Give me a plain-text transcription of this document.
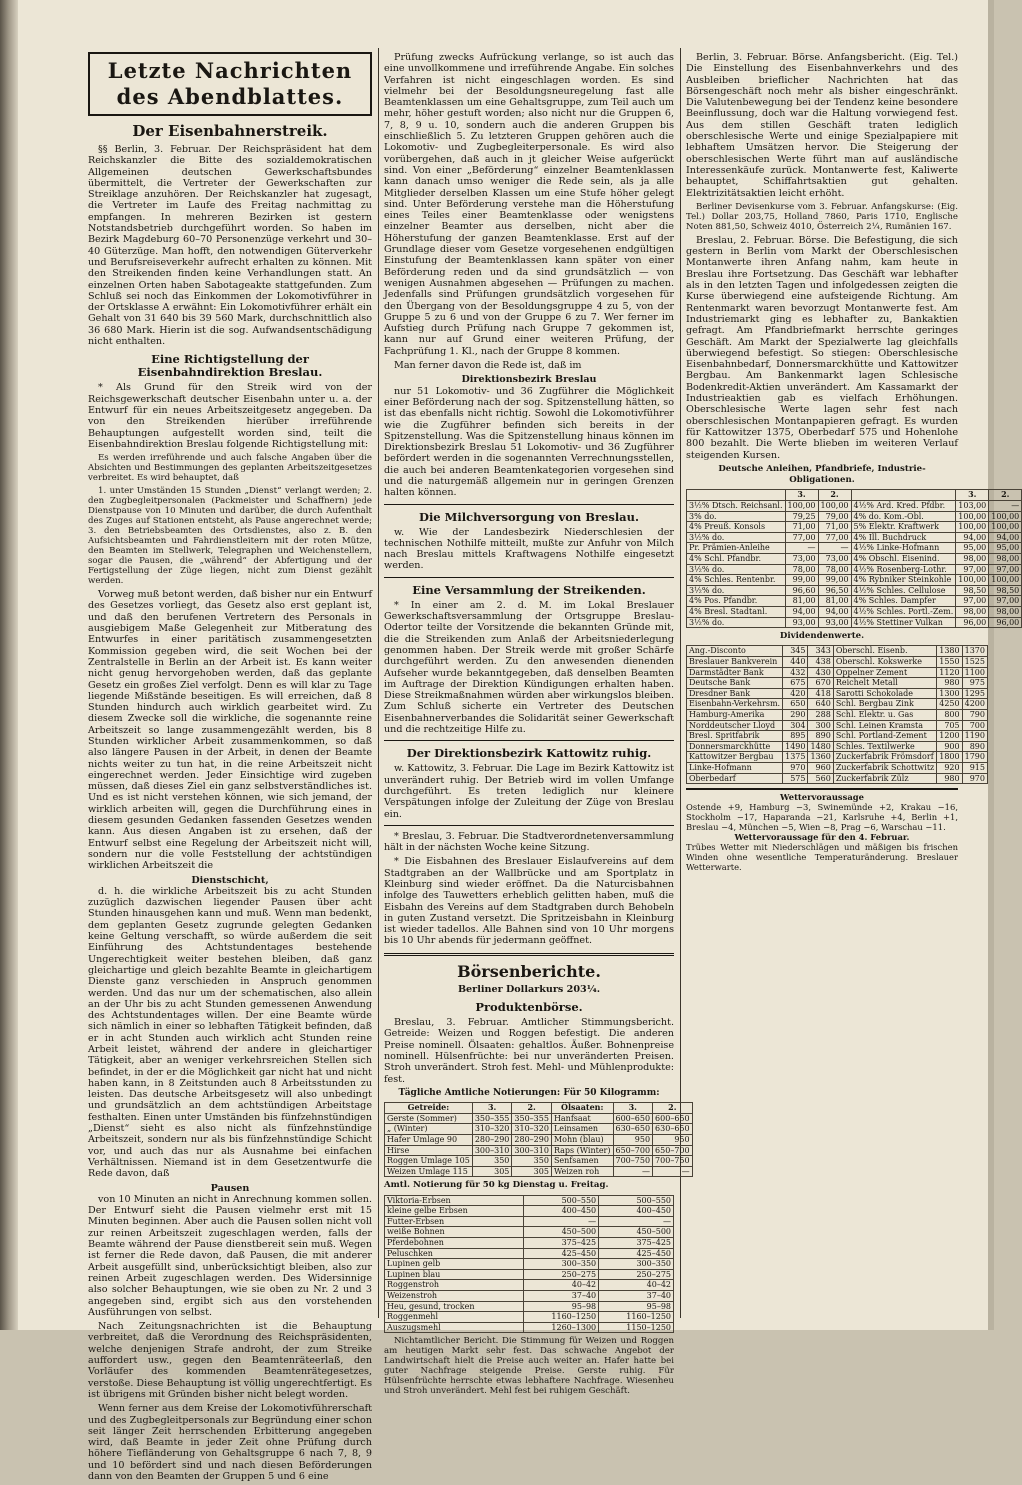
Letzte Nachrichten
des Abendblattes.
Der Eisenbahnerstreik.

§§ Berlin, 3. Februar. Der Reichspräsident hat dem Reichskanzler die Bitte des sozialdemokratischen Allgemeinen deutschen Gewerkschaftsbundes übermittelt, die Vertreter der Gewerkschaften zur Streiklage anzuhören. Der Reichskanzler hat zugesagt, die Vertreter im Laufe des Freitag nachmittag zu empfangen. In mehreren Bezirken ist gestern Notstandsbetrieb durchgeführt worden. So haben im Bezirk Magdeburg 60–70 Personenzüge verkehrt und 30–40 Güterzüge. Man hofft, den notwendigen Güterverkehr und Berufsreiseverkehr aufrecht erhalten zu können. Mit den Streikenden finden keine Verhandlungen statt. An einzelnen Orten haben Sabotageakte stattgefunden. Zum Schluß sei noch das Einkommen der Lokomotivführer in der Ortsklasse A erwähnt: Ein Lokomotivführer erhält ein Gehalt von 31 640 bis 39 560 Mark, durchschnittlich also 36 680 Mark. Hierin ist die sog. Aufwandsentschädigung nicht enthalten.

Eine Richtigstellung der Eisenbahndirektion Breslau.

* Als Grund für den Streik wird von der Reichsgewerkschaft deutscher Eisenbahn unter u. a. der Entwurf für ein neues Arbeitszeitgesetz angegeben. Da von den Streikenden hierüber irreführende Behauptungen aufgestellt worden sind, teilt die Eisenbahndirektion Breslau folgende Richtigstellung mit:

Es werden irreführende und auch falsche Angaben über die Absichten und Bestimmungen des geplanten Arbeitszeitgesetzes verbreitet. Es wird behauptet, daß

1. unter Umständen 15 Stunden „Dienst“ verlangt werden; 2. den Zugbegleitpersonalen (Packmeister und Schaffnern) jede Dienstpause von 10 Minuten und darüber, die durch Aufenthalt des Zuges auf Stationen entsteht, als Pause angerechnet werde; 3. den Betriebsbeamten des Ortsdienstes, also z. B. den Aufsichtsbeamten und Fahrdienstleitern mit der roten Mütze, den Beamten im Stellwerk, Telegraphen und Weichenstellern, sogar die Pausen, die „während“ der Abfertigung und der Fertigstellung der Züge liegen, nicht zum Dienst gezählt werden.

Vorweg muß betont werden, daß bisher nur ein Entwurf des Gesetzes vorliegt, das Gesetz also erst geplant ist, und daß den berufenen Vertretern des Personals in ausgiebigem Maße Gelegenheit zur Mitberatung des Entwurfes in einer paritätisch zusammengesetzten Kommission gegeben wird, die seit Wochen bei der Zentralstelle in Berlin an der Arbeit ist. Es kann weiter nicht genug hervorgehoben werden, daß das geplante Gesetz ein großes Ziel verfolgt. Denn es will klar zu Tage liegende Mißstände beseitigen. Es will erreichen, daß 8 Stunden hindurch auch wirklich gearbeitet wird. Zu diesem Zwecke soll die wirkliche, die sogenannte reine Arbeitszeit so lange zusammengezählt werden, bis 8 Stunden wirklicher Arbeit zusammenkommen, so daß also längere Pausen in der Arbeit, in denen der Beamte nichts weiter zu tun hat, in die reine Arbeitszeit nicht eingerechnet werden. Jeder Einsichtige wird zugeben müssen, daß dieses Ziel ein ganz selbstverständliches ist. Und es ist nicht verstehen können, wie sich jemand, der wirklich arbeiten will, gegen die Durchführung eines in diesem gesunden Gedanken fassenden Gesetzes wenden kann. Aus diesen Angaben ist zu ersehen, daß der Entwurf selbst eine Regelung der Arbeitszeit nicht will, sondern nur die volle Feststellung der achtstündigen wirklichen Arbeitszeit die

Dienstschicht,

d. h. die wirkliche Arbeitszeit bis zu acht Stunden zuzüglich dazwischen liegender Pausen über acht Stunden hinausgehen kann und muß. Wenn man bedenkt, dem geplanten Gesetz zugrunde gelegten Gedanken keine Geltung verschafft, so würde außerdem die seit Einführung des Achtstundentages bestehende Ungerechtigkeit weiter bestehen bleiben, daß ganz gleichartige und gleich bezahlte Beamte in gleichartigem Dienste ganz verschieden in Anspruch genommen werden. Und das nur um der schematischen, also allein an der Uhr bis zu acht Stunden gemessenen Anwendung des Achtstundentages willen. Der eine Beamte würde sich nämlich in einer so lebhaften Tätigkeit befinden, daß er in acht Stunden auch wirklich acht Stunden reine Arbeit leistet, während der andere in gleichartiger Tätigkeit, aber an weniger verkehrsreichen Stellen sich befindet, in der er die Möglichkeit gar nicht hat und nicht haben kann, in 8 Zeitstunden auch 8 Arbeitsstunden zu leisten. Das deutsche Arbeitsgesetz will also unbedingt und grundsätzlich an dem achtstündigen Arbeitstage festhalten. Einen unter Umständen bis fünfzehnstündigen „Dienst“ sieht es also nicht als fünfzehnstündige Arbeitszeit, sondern nur als bis fünfzehnstündige Schicht vor, und auch das nur als Ausnahme bei einfachen Verhältnissen. Niemand ist in dem Gesetzentwurfe die Rede davon, daß

Pausen

von 10 Minuten an nicht in Anrechnung kommen sollen. Der Entwurf sieht die Pausen vielmehr erst mit 15 Minuten beginnen. Aber auch die Pausen sollen nicht voll zur reinen Arbeitszeit zugeschlagen werden, falls der Beamte während der Pause dienstbereit sein muß. Wegen ist ferner die Rede davon, daß Pausen, die mit anderer Arbeit ausgefüllt sind, unberücksichtigt bleiben, also zur reinen Arbeit zugeschlagen werden. Des Widersinnige also solcher Behauptungen, wie sie oben zu Nr. 2 und 3 angegeben sind, ergibt sich aus den vorstehenden Ausführungen von selbst.

Nach Zeitungsnachrichten ist die Behauptung verbreitet, daß die Verordnung des Reichspräsidenten, welche denjenigen Strafe androht, der zum Streike auffordert usw., gegen den Beamtenräteerlaß, den Vorläufer des kommenden Beamtenrätegesetzes, verstoße. Diese Behauptung ist völlig ungerechtfertigt. Es ist übrigens mit Gründen bisher nicht belegt worden.

Wenn ferner aus dem Kreise der Lokomotivführerschaft und des Zugbegleitpersonals zur Begründung einer schon seit länger Zeit herrschenden Erbitterung angegeben wird, daß Beamte in jeder Zeit ohne Prüfung durch höhere Tiefländerung von Gehaltsgruppe 6 nach 7, 8, 9 und 10 befördert sind und nach diesen Beförderungen dann von den Beamten der Gruppen 5 und 6 eine

Prüfung zwecks Aufrückung verlange, so ist auch das eine unvollkommene und irreführende Angabe. Ein solches Verfahren ist nicht eingeschlagen worden. Es sind vielmehr bei der Besoldungsneuregelung fast alle Beamtenklassen um eine Gehaltsgruppe, zum Teil auch um mehr, höher gestuft worden; also nicht nur die Gruppen 6, 7, 8, 9 u. 10, sondern auch die anderen Gruppen bis einschließlich 5. Zu letzteren Gruppen gehören auch die Lokomotiv- und Zugbegleiterpersonale. Es wird also vorübergehen, daß auch in jt gleicher Weise aufgerückt sind. Von einer „Beförderung“ einzelner Beamtenklassen kann danach umso weniger die Rede sein, als ja alle Mitglieder derselben Klassen um eine Stufe höher gelegt sind. Unter Beförderung verstehe man die Höherstufung eines Teiles einer Beamtenklasse oder wenigstens einzelner Beamter aus derselben, nicht aber die Höherstufung der ganzen Beamtenklasse. Erst auf der Grundlage dieser vom Gesetze vorgesehenen endgültigen Einstufung der Beamtenklassen kann später von einer Beförderung reden und da sind grundsätzlich — von wenigen Ausnahmen abgesehen — Prüfungen zu machen. Jedenfalls sind Prüfungen grundsätzlich vorgesehen für den Übergang von der Besoldungsgruppe 4 zu 5, von der Gruppe 5 zu 6 und von der Gruppe 6 zu 7. Wer ferner im Aufstieg durch Prüfung nach Gruppe 7 gekommen ist, kann nur auf Grund einer weiteren Prüfung, der Fachprüfung 1. Kl., nach der Gruppe 8 kommen.

Man ferner davon die Rede ist, daß im

Direktionsbezirk Breslau

nur 51 Lokomotiv- und 36 Zugführer die Möglichkeit einer Beförderung nach der sog. Spitzenstellung hätten, so ist das ebenfalls nicht richtig. Sowohl die Lokomotivführer wie die Zugführer befinden sich bereits in der Spitzenstellung. Was die Spitzenstellung hinaus können im Direktionsbezirk Breslau 51 Lokomotiv- und 36 Zugführer befördert werden in die sogenannten Verrechnungsstellen, die auch bei anderen Beamtenkategorien vorgesehen sind und die naturgemäß allgemein nur in geringen Grenzen halten können.

Die Milchversorgung von Breslau.

w. Wie der Landesbezirk Niederschlesien der technischen Nothilfe mitteilt, mußte zur Anfuhr von Milch nach Breslau mittels Kraftwagens Nothilfe eingesetzt werden.

Eine Versammlung der Streikenden.

* In einer am 2. d. M. im Lokal Breslauer Gewerkschaftsversammlung der Ortsgruppe Breslau-Odertor teilte der Vorsitzende die bekannten Gründe mit, die die Streikenden zum Anlaß der Arbeitsniederlegung genommen haben. Der Streik werde mit großer Schärfe durchgeführt werden. Zu den anwesenden dienenden Aufseher wurde bekanntgegeben, daß denselben Beamten im Auftrage der Direktion Kündigungen erhalten haben. Diese Streikmaßnahmen würden aber wirkungslos bleiben. Zum Schluß sicherte ein Vertreter des Deutschen Eisenbahnerverbandes die Solidarität seiner Gewerkschaft und die rechtzeitige Hilfe zu.

Der Direktionsbezirk Kattowitz ruhig.

w. Kattowitz, 3. Februar. Die Lage im Bezirk Kattowitz ist unverändert ruhig. Der Betrieb wird im vollen Umfange durchgeführt. Es treten lediglich nur kleinere Verspätungen infolge der Zuleitung der Züge von Breslau ein.

* Breslau, 3. Februar. Die Stadtverordnetenversammlung hält in der nächsten Woche keine Sitzung.

* Die Eisbahnen des Breslauer Eislaufvereins auf dem Stadtgraben an der Wallbrücke und am Sportplatz in Kleinburg sind wieder eröffnet. Da die Naturcisbahnen infolge des Tauwetters erheblich gelitten haben, muß die Eisbahn des Vereins auf dem Stadtgraben durch Behobeln in guten Zustand versetzt. Die Spritzeisbahn in Kleinburg ist wieder tadellos. Alle Bahnen sind von 10 Uhr morgens bis 10 Uhr abends für jedermann geöffnet.

Börsenberichte.
Berliner Dollarkurs 203¼.
Produktenbörse.

Breslau, 3. Februar. Amtlicher Stimmungsbericht. Getreide: Weizen und Roggen befestigt. Die anderen Preise nominell. Ölsaaten: gehaltlos. Äußer. Bohnenpreise nominell. Hülsenfrüchte: bei nur unveränderten Preisen. Stroh unverändert. Stroh fest. Mehl- und Mühlenprodukte: fest.

Tägliche Amtliche Notierungen: Für 50 Kilogramm:
Getreide:	3.	2.	Ölsaaten:	3.	2.
Gerste (Sommer)	350–355	350–355	Hanfsaat	600–650	600–650
„ (Winter)	310–320	310–320	Leinsamen	630–650	630–650
Hafer Umlage 90	280–290	280–290	Mohn (blau)	950	950
Hirse	300–310	300–310	Raps (Winter)	650–700	650–700
Roggen Umlage 105	350	350	Senfsamen	700–750	700–750
Weizen Umlage 115	305	305	Weizen roh	—	—
Amtl. Notierung für 50 kg Dienstag u. Freitag.
Viktoria-Erbsen	500–550	500–550
kleine gelbe Erbsen	400–450	400–450
Futter-Erbsen	—	—
weiße Bohnen	450–500	450–500
Pferdebohnen	375–425	375–425
Peluschken	425–450	425–450
Lupinen gelb	300–350	300–350
Lupinen blau	250–275	250–275
Roggenstroh	40–42	40–42
Weizenstroh	37–40	37–40
Heu, gesund, trocken	95–98	95–98
Roggenmehl	1160–1250	1160–1250
Auszugsmehl	1260–1300	1150–1250

Nichtamtlicher Bericht. Die Stimmung für Weizen und Roggen am heutigen Markt sehr fest. Das schwache Angebot der Landwirtschaft hielt die Preise auch weiter an. Hafer hatte bei guter Nachfrage steigende Preise. Gerste ruhig. Für Hülsenfrüchte herrschte etwas lebhaftere Nachfrage. Wiesenheu und Stroh unverändert. Mehl fest bei ruhigem Geschäft.

Berlin, 3. Februar. Börse. Anfangsbericht. (Eig. Tel.) Die Einstellung des Eisenbahnverkehrs und des Ausbleiben brieflicher Nachrichten hat das Börsengeschäft noch mehr als bisher eingeschränkt. Die Valutenbewegung bei der Tendenz keine besondere Beeinflussung, doch war die Haltung vorwiegend fest. Aus dem stillen Geschäft traten lediglich oberschlesische Werte und einige Spezialpapiere mit lebhaftem Umsätzen hervor. Die Steigerung der oberschlesischen Werte führt man auf ausländische Interessenkäufe zurück. Montanwerte fest, Kaliwerte behauptet, Schiffahrtsaktien gut gehalten. Elektrizitätsaktien leicht erhöht.

Berliner Devisenkurse vom 3. Februar. Anfangskurse: (Eig. Tel.) Dollar 203,75, Holland 7860, Paris 1710, Englische Noten 881,50, Schweiz 4010, Österreich 2¼, Rumänien 167.

Breslau, 2. Februar. Börse. Die Befestigung, die sich gestern in Berlin vom Markt der Oberschlesischen Montanwerte ihren Anfang nahm, kam heute in Breslau ihre Fortsetzung. Das Geschäft war lebhafter als in den letzten Tagen und infolgedessen zeigten die Kurse überwiegend eine aufsteigende Richtung. Am Rentenmarkt waren bevorzugt Montanwerte fest. Am Industriemarkt ging es lebhafter zu, Bankaktien gefragt. Am Pfandbriefmarkt herrschte geringes Geschäft. Am Markt der Spezialwerte lag gleichfalls überwiegend befestigt. So stiegen: Oberschlesische Eisenbahnbedarf, Donnersmarckhütte und Kattowitzer Bergbau. Am Bankenmarkt lagen Schlesische Bodenkredit-Aktien unverändert. Am Kassamarkt der Industrieaktien gab es vielfach Erhöhungen. Oberschlesische Werte lagen sehr fest nach oberschlesischen Montanpapieren gefragt. Es wurden für Kattowitzer 1375, Oberbedarf 575 und Hohenlohe 800 bezahlt. Die Werte blieben im weiteren Verlauf steigenden Kursen.

Deutsche Anleihen, Pfandbriefe, Industrie-Obligationen.
	3.	2.		3.	2.
3½% Dtsch. Reichsanl.	100,00	100,00	4½% Ard. Kred. Pfdbr.	103,00	—
3% do.	79,25	79,00	4% do. Kom.-Obl.	100,00	100,00
4% Preuß. Konsols	71,00	71,00	5% Elektr. Kraftwerk	100,00	100,00
3½% do.	77,00	77,00	4% Ill. Buchdruck	94,00	94,00
Pr. Prämien-Anleihe	—	—	4½% Linke-Hofmann	95,00	95,00
4% Schl. Pfandbr.	73,00	73,00	4% Obschl. Eisenind.	98,00	98,00
3½% do.	78,00	78,00	4½% Rosenberg-Lothr.	97,00	97,00
4% Schles. Rentenbr.	99,00	99,00	4% Rybniker Steinkohle	100,00	100,00
3½% do.	96,60	96,50	4½% Schles. Cellulose	98,50	98,50
4% Pos. Pfandbr.	81,00	81,00	4% Schles. Dampfer	97,00	97,00
4% Bresl. Stadtanl.	94,00	94,00	4½% Schles. Portl.-Zem.	98,00	98,00
3½% do.	93,00	93,00	4½% Stettiner Vulkan	96,00	96,00
Dividendenwerte.
Ang.-Disconto	345	343	Oberschl. Eisenb.	1380	1370
Breslauer Bankverein	440	438	Oberschl. Kokswerke	1550	1525
Darmstädter Bank	432	430	Oppelner Zement	1120	1100
Deutsche Bank	675	670	Reichelt Metall	980	975
Dresdner Bank	420	418	Sarotti Schokolade	1300	1295
Eisenbahn-Verkehrsm.	650	640	Schl. Bergbau Zink	4250	4200
Hamburg-Amerika	290	288	Schl. Elektr. u. Gas	800	790
Norddeutscher Lloyd	304	300	Schl. Leinen Kramsta	705	700
Bresl. Spritfabrik	895	890	Schl. Portland-Zement	1200	1190
Donnersmarckhütte	1490	1480	Schles. Textilwerke	900	890
Kattowitzer Bergbau	1375	1360	Zuckerfabrik Frömsdorf	1800	1790
Linke-Hofmann	970	960	Zuckerfabrik Schottwitz	920	915
Oberbedarf	575	560	Zuckerfabrik Zülz	980	970
Wettervoraussage
Ostende +9, Hamburg −3, Swinemünde +2, Krakau −16, Stockholm −17, Haparanda −21, Karlsruhe +4, Berlin +1, Breslau −4, München −5, Wien −8, Prag −6, Warschau −11.
Wettervoraussage für den 4. Februar.
Trübes Wetter mit Niederschlägen und mäßigen bis frischen Winden ohne wesentliche Temperaturänderung. Breslauer Wetterwarte.
